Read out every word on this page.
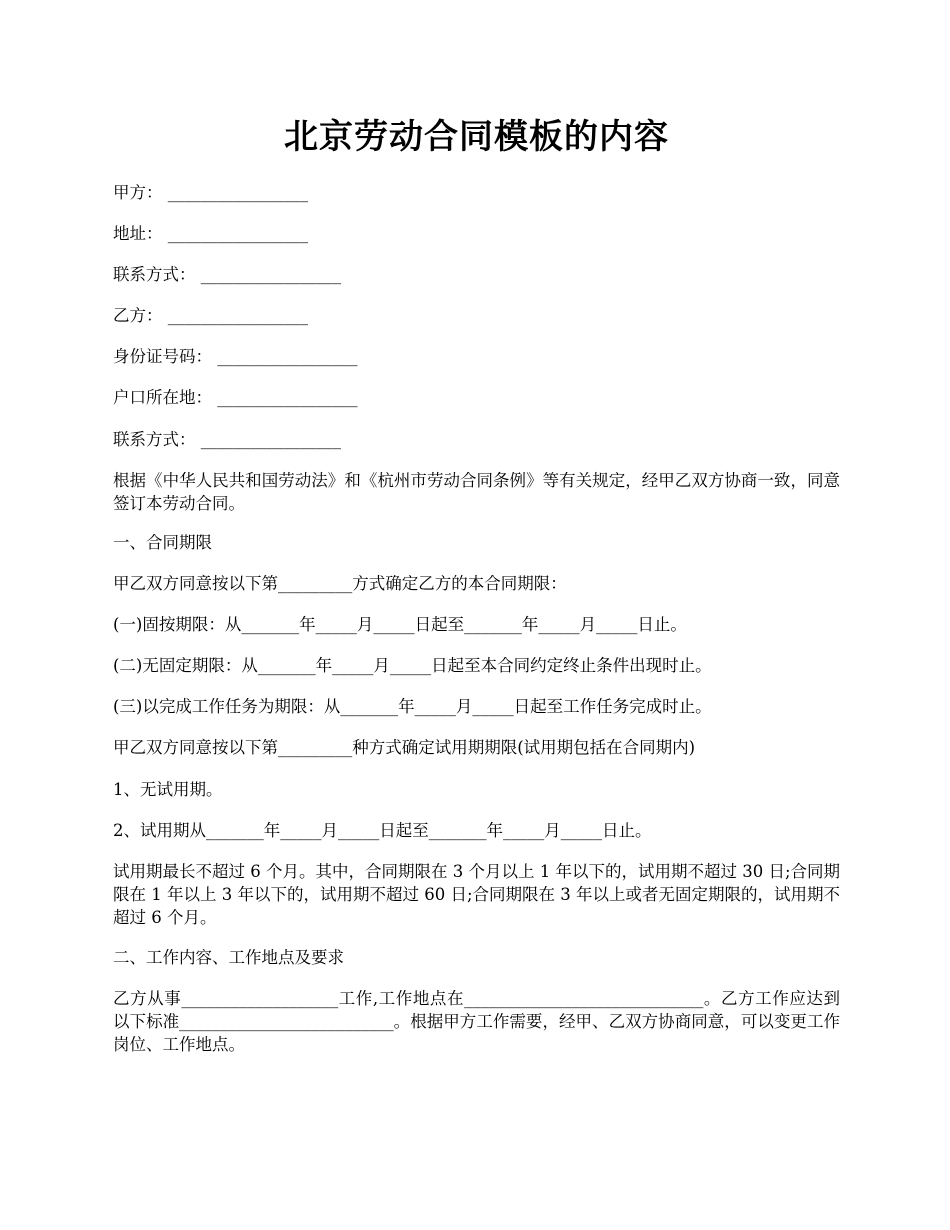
北京劳动合同模板的内容
甲方： _________________
地址： _________________
联系方式： _________________
乙方： _________________
身份证号码： _________________
户口所在地： _________________
联系方式： _________________
根据《中华人民共和国劳动法》和《杭州市劳动合同条例》等有关规定，经甲乙双方协商一致，同意签订本劳动合同。
一、合同期限
甲乙双方同意按以下第_________方式确定乙方的本合同期限：
(一)固按期限：从_______年_____月_____日起至_______年_____月_____日止。
(二)无固定期限：从_______年_____月_____日起至本合同约定终止条件出现时止。
(三)以完成工作任务为期限：从_______年_____月_____日起至工作任务完成时止。
甲乙双方同意按以下第_________种方式确定试用期期限(试用期包括在合同期内)
1、无试用期。
2、试用期从_______年_____月_____日起至_______年_____月_____日止。
试用期最长不超过 6 个月。其中，合同期限在 3 个月以上 1 年以下的，试用期不超过 30 日;合同期限在 1 年以上 3 年以下的，试用期不超过 60 日;合同期限在 3 年以上或者无固定期限的，试用期不超过 6 个月。
二、工作内容、工作地点及要求
乙方从事___________________工作,工作地点在_____________________________。乙方工作应达到以下标准__________________________。根据甲方工作需要，经甲、乙双方协商同意，可以变更工作岗位、工作地点。
